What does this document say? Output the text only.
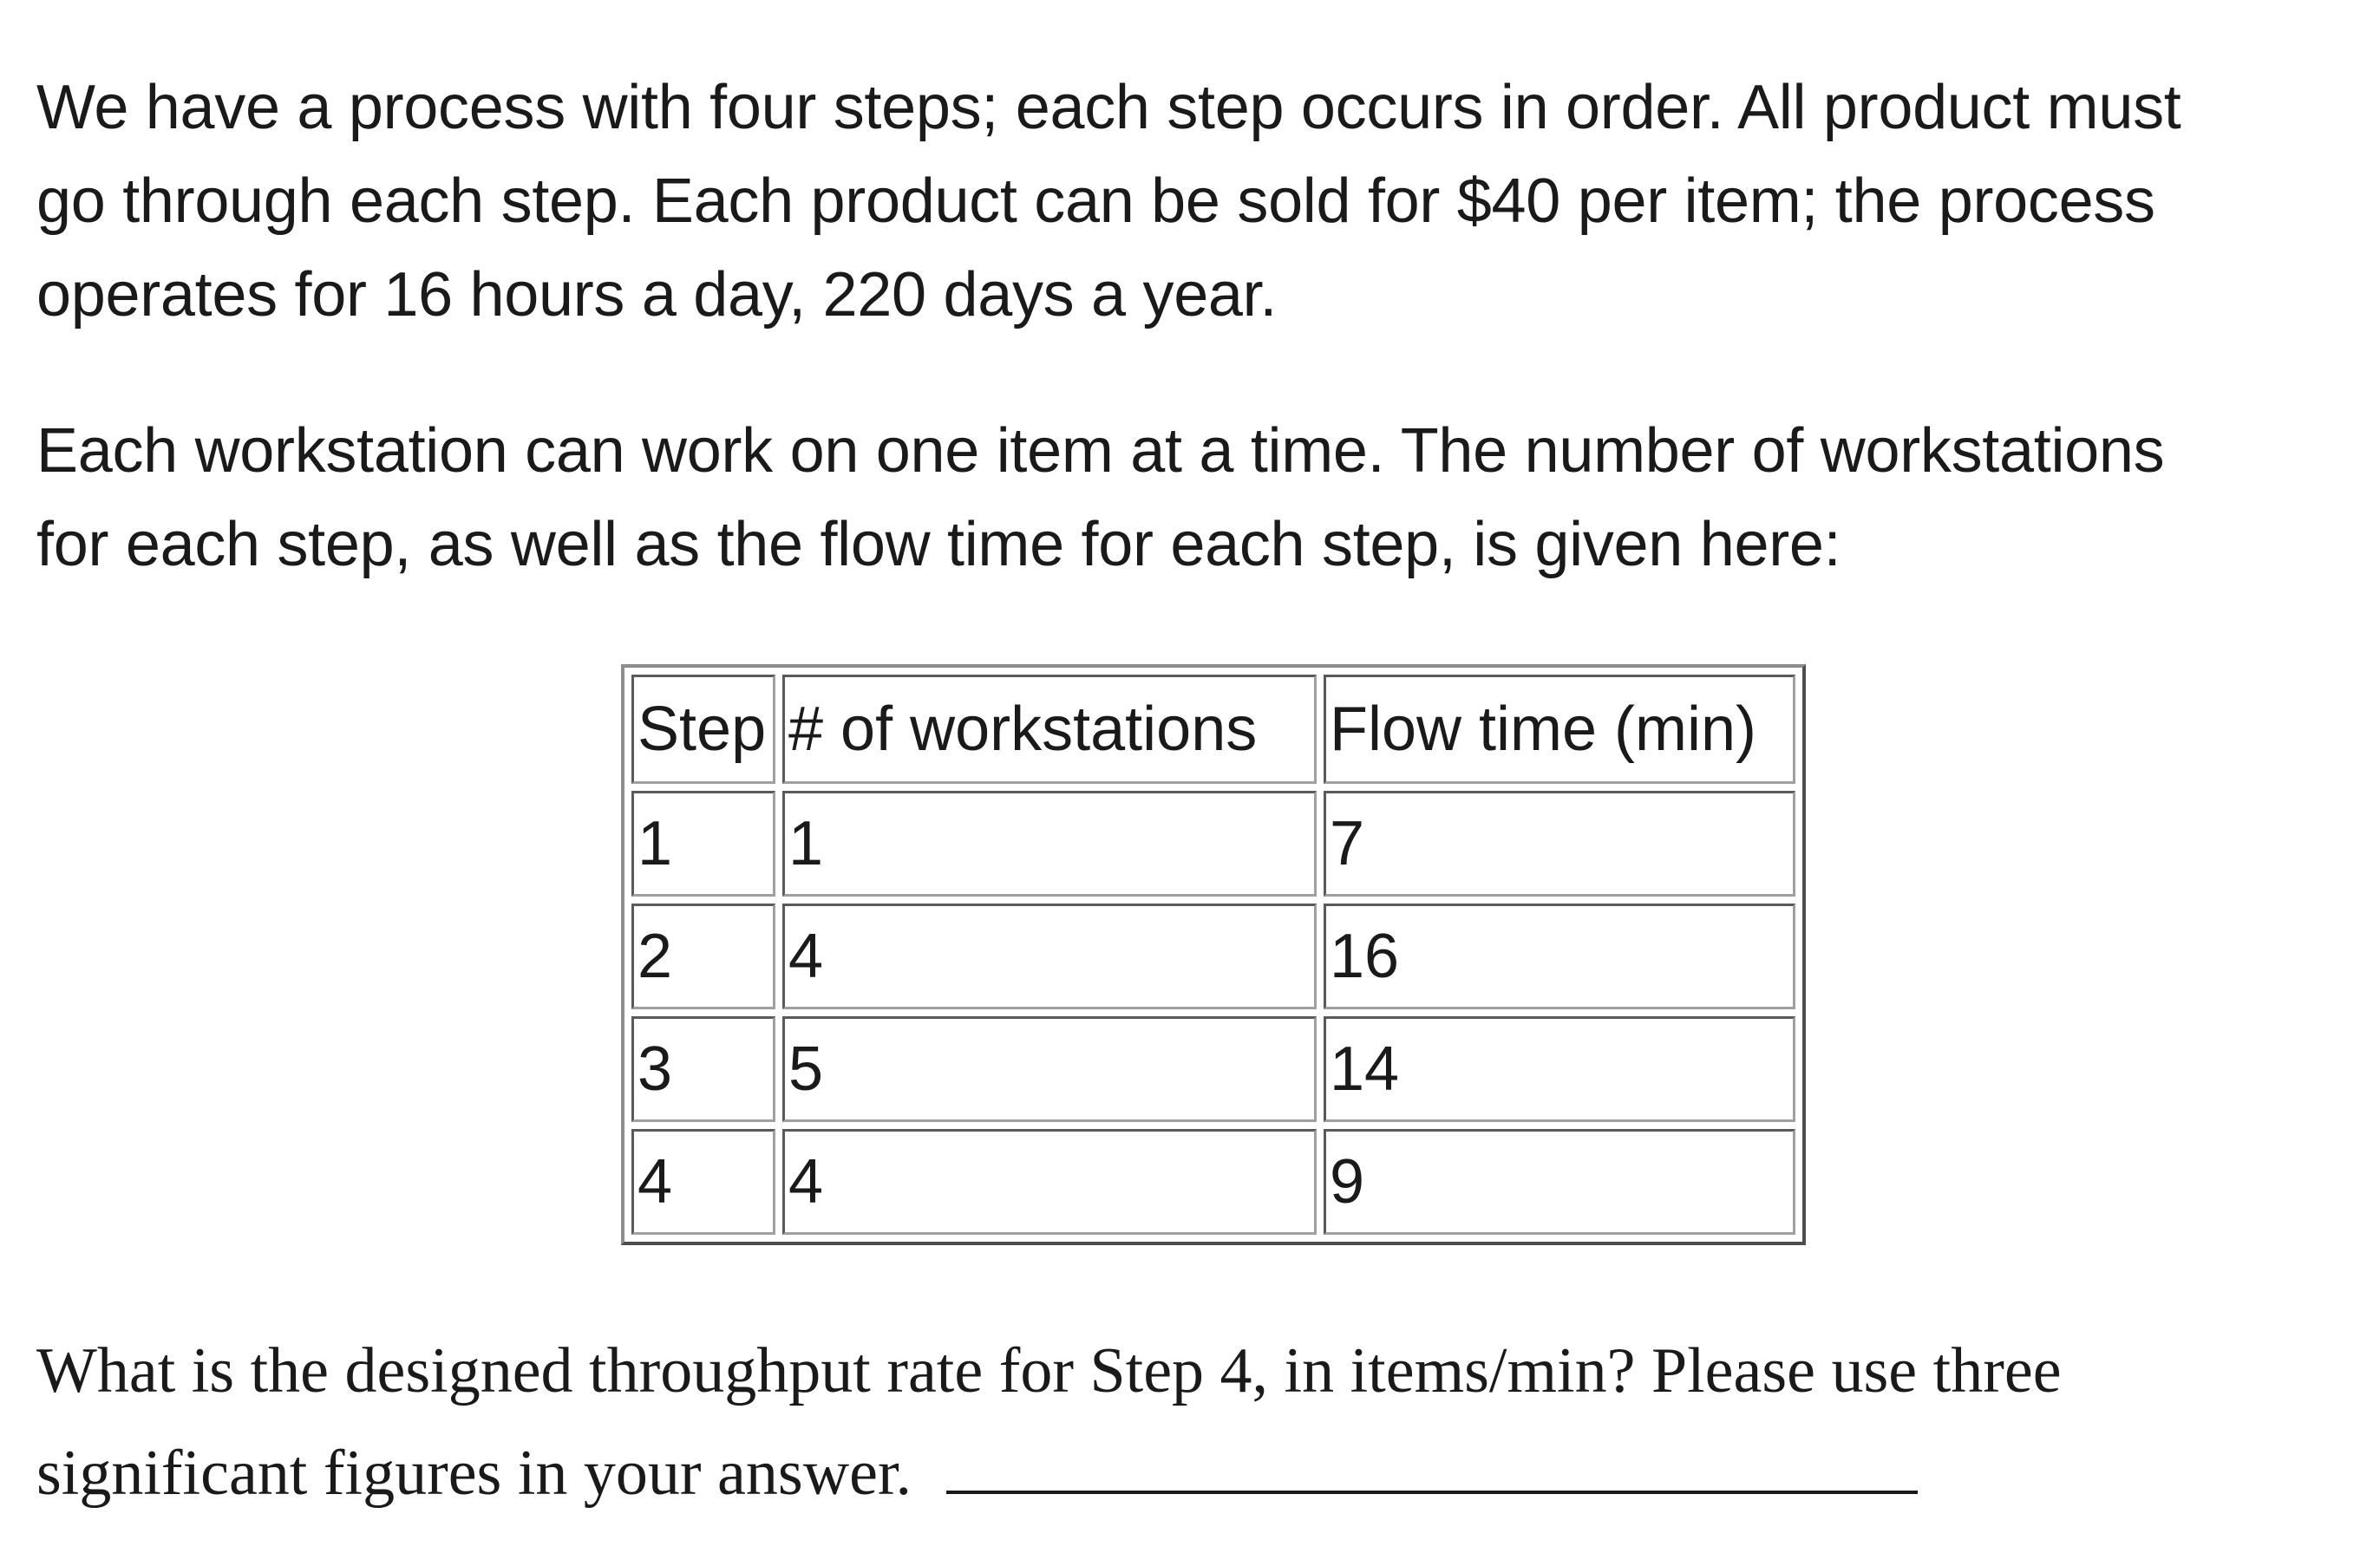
We have a process with four steps; each step occurs in order. All product must
go through each step. Each product can be sold for $40 per item; the process
operates for 16 hours a day, 220 days a year.

Each workstation can work on one item at a time. The number of workstations
for each step, as well as the flow time for each step, is given here:

Step	# of workstations	Flow time (min)
1	1	7
2	4	16
3	5	14
4	4	9
What is the designed throughput rate for Step 4, in items/min? Please use three significant figures in your answer.
